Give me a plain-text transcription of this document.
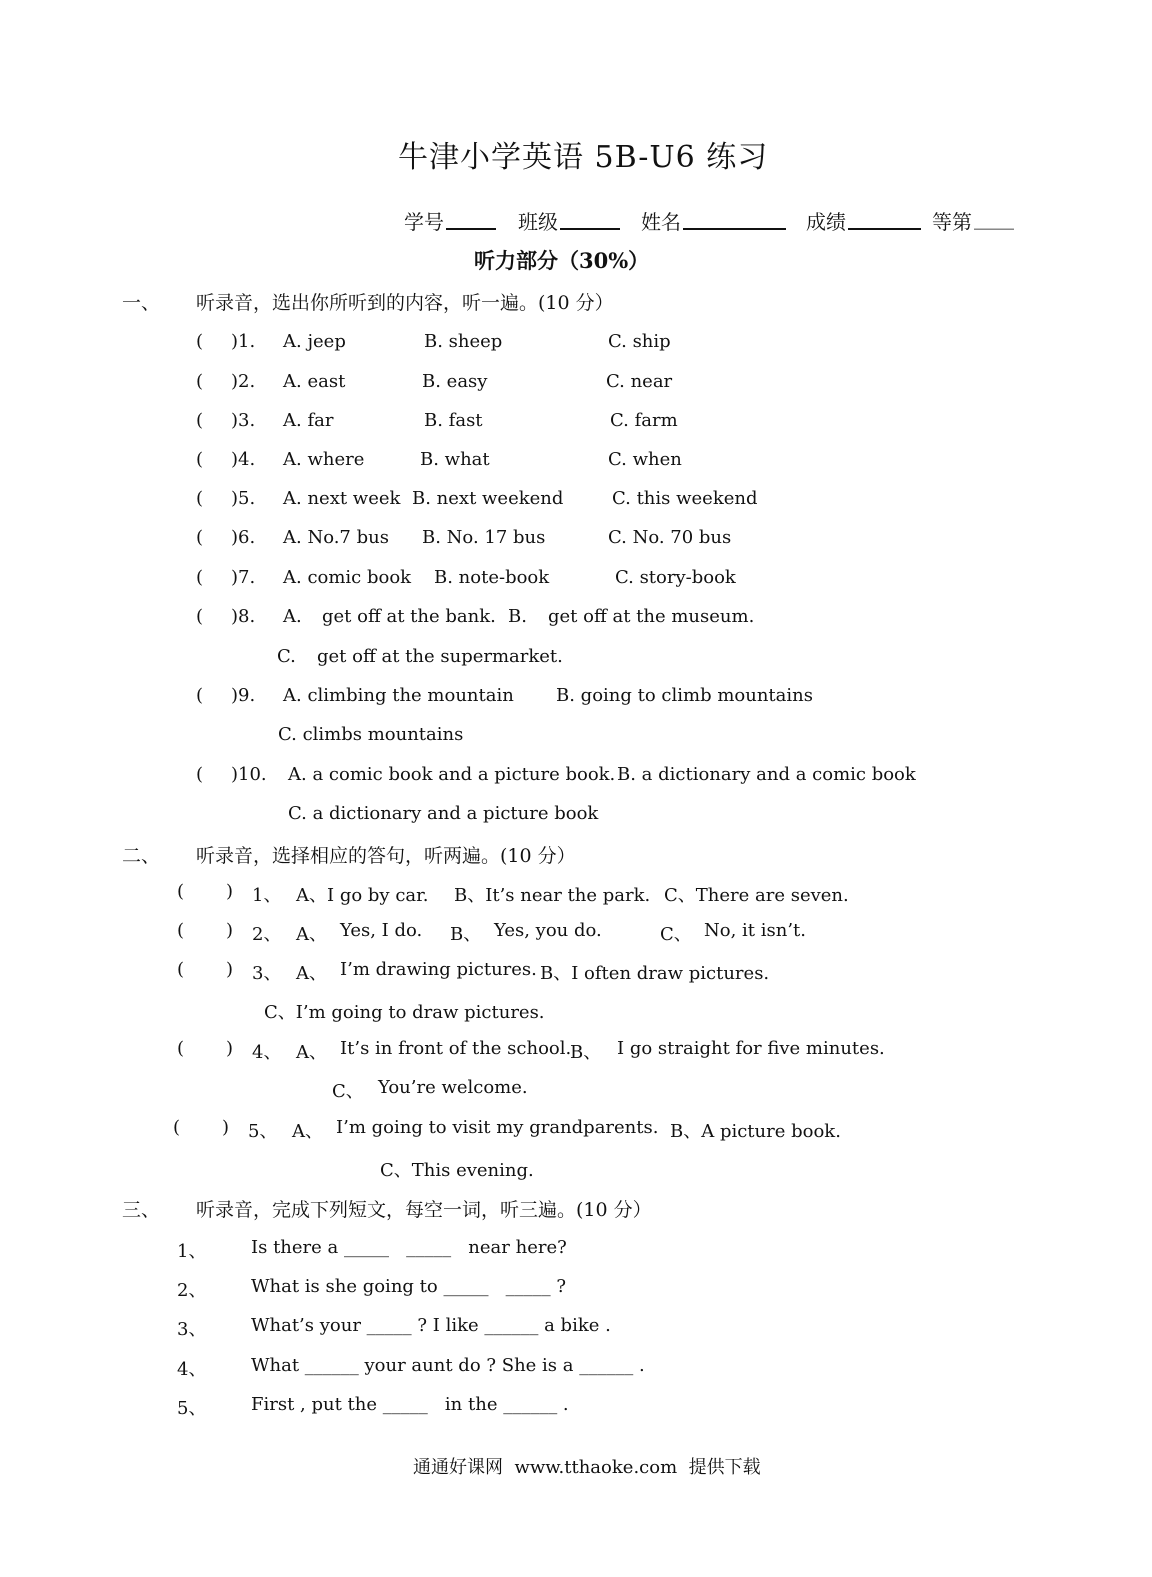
牛津小学英语 5B-U6 练习
学号	班级	姓名	成绩	等第 ____
听力部分（30%）
一、 听录音，选出你所听到的内容，听一遍。(10 分）
( )1. A. jeep	B. sheep	C. ship
( )2. A. east	B. easy	C. near
( )3. A. far	B. fast	C. farm
( )4. A. where	B. what	C. when
( )5. A. next week B. next weekend	C. this weekend
( )6. A. No.7 bus B. No. 17 bus	C. No. 70 bus
( )7. A. comic book B. note-book	C. story-book
( )8. A. get off at the bank. B. get off at the museum.
C. get off at the supermarket.
( )9. A. climbing the mountain B. going to climb mountains
C. climbs mountains
( )10. A. a comic book and a picture book. B. a dictionary and a comic book
C. a dictionary and a picture book
二、 听录音，选择相应的答句，听两遍。(10 分）
( ) 1、 A、I go by car. B、It’s near the park. C、There are seven.
( ) 2、 A、 Yes, I do. B、 Yes, you do.	C、 No, it isn’t.
( ) 3、 A、 I’m drawing pictures. B、I often draw pictures.
C、I’m going to draw pictures.
( ) 4、 A、 It’s in front of the school.
B、 I go straight for five minutes.
C、 You’re welcome.
( ) 5、 A、 I’m going to visit my grandparents. B、A picture book.
C、This evening.
三、 听录音，完成下列短文，每空一词，听三遍。(10 分）
1、 Is there a _____   _____   near here?
2、 What is she going to _____   _____ ?
3、 What’s your _____ ? I like ______ a bike .
4、 What ______ your aunt do ? She is a ______ .
5、 First , put the _____   in the ______ .
通通好课网  www.tthaoke.com  提供下载
